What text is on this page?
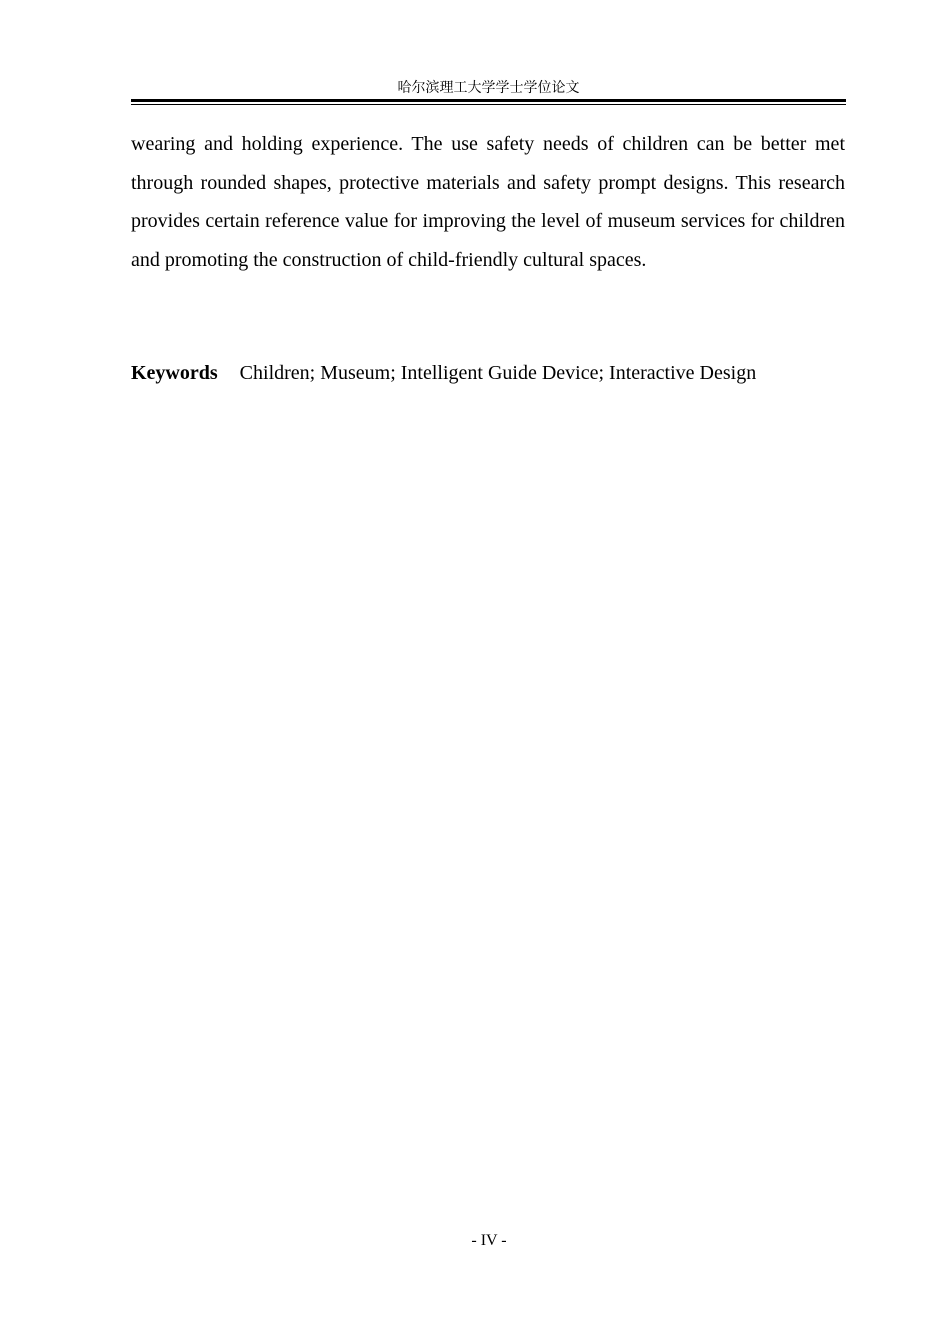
哈尔滨理工大学学士学位论文

wearing and holding experience. The use safety needs of children can be better met through rounded shapes, protective materials and safety prompt designs. This research provides certain reference value for improving the level of museum services for children and promoting the construction of child-friendly cultural spaces.

Keywords Children; Museum; Intelligent Guide Device; Interactive Design
- IV -
